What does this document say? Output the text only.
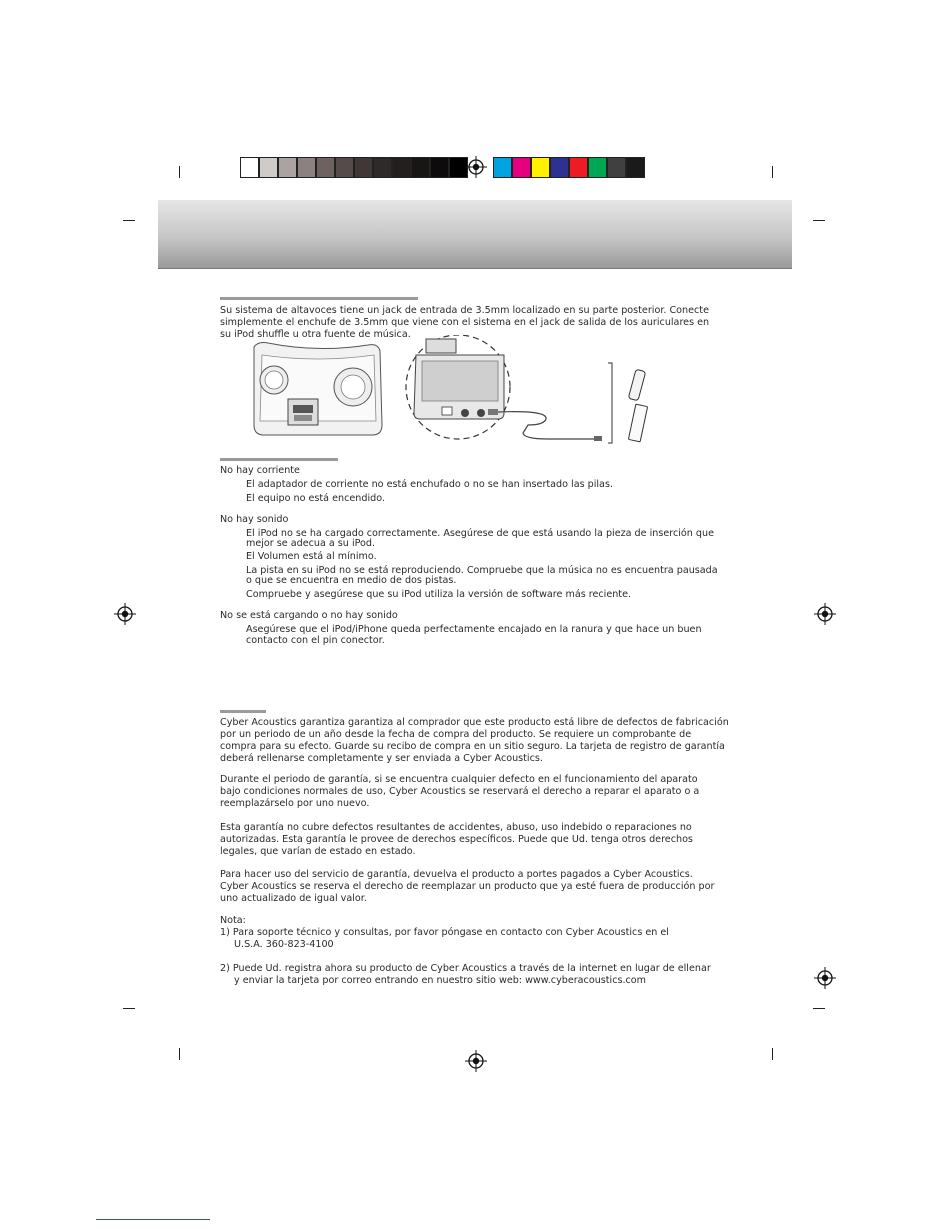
Su sistema de altavoces tiene un jack de entrada de 3.5mm localizado en su parte posterior. Conecte
simplemente el enchufe de 3.5mm que viene con el sistema en el jack de salida de los auriculares en
su iPod shuffle u otra fuente de música.
No hay corriente
El adaptador de corriente no está enchufado o no se han insertado las pilas.
El equipo no está encendido.
No hay sonido
El iPod no se ha cargado correctamente. Asegúrese de que está usando la pieza de inserción que
mejor se adecua a su iPod.
El Volumen está al mínimo.
La pista en su iPod no se está reproduciendo. Compruebe que la música no es encuentra pausada
o que se encuentra en medio de dos pistas.
Compruebe y asegúrese que su iPod utiliza la versión de software más reciente.
No se está cargando o no hay sonido
Asegúrese que el iPod/iPhone queda perfectamente encajado en la ranura y que hace un buen
contacto con el pin conector.
Cyber Acoustics garantiza garantiza al comprador que este producto está libre de defectos de fabricación
por un periodo de un año desde la fecha de compra del producto. Se requiere un comprobante de
compra para su efecto. Guarde su recibo de compra en un sitio seguro. La tarjeta de registro de garantía
deberá rellenarse completamente y ser enviada a Cyber Acoustics.
Durante el periodo de garantía, si se encuentra cualquier defecto en el funcionamiento del aparato
bajo condiciones normales de uso, Cyber Acoustics se reservará el derecho a reparar el aparato o a
reemplazárselo por uno nuevo.
Esta garantía no cubre defectos resultantes de accidentes, abuso, uso indebido o reparaciones no
autorizadas. Esta garantía le provee de derechos específicos. Puede que Ud. tenga otros derechos
legales, que varían de estado en estado.
Para hacer uso del servicio de garantía, devuelva el producto a portes pagados a Cyber Acoustics.
Cyber Acoustics se reserva el derecho de reemplazar un producto que ya esté fuera de producción por
uno actualizado de igual valor.
Nota:
1) Para soporte técnico y consultas, por favor póngase en contacto con Cyber Acoustics en el
U.S.A. 360-823-4100
2) Puede Ud. registra ahora su producto de Cyber Acoustics a través de la internet en lugar de ellenar
y enviar la tarjeta por correo entrando en nuestro sitio web: www.cyberacoustics.com
